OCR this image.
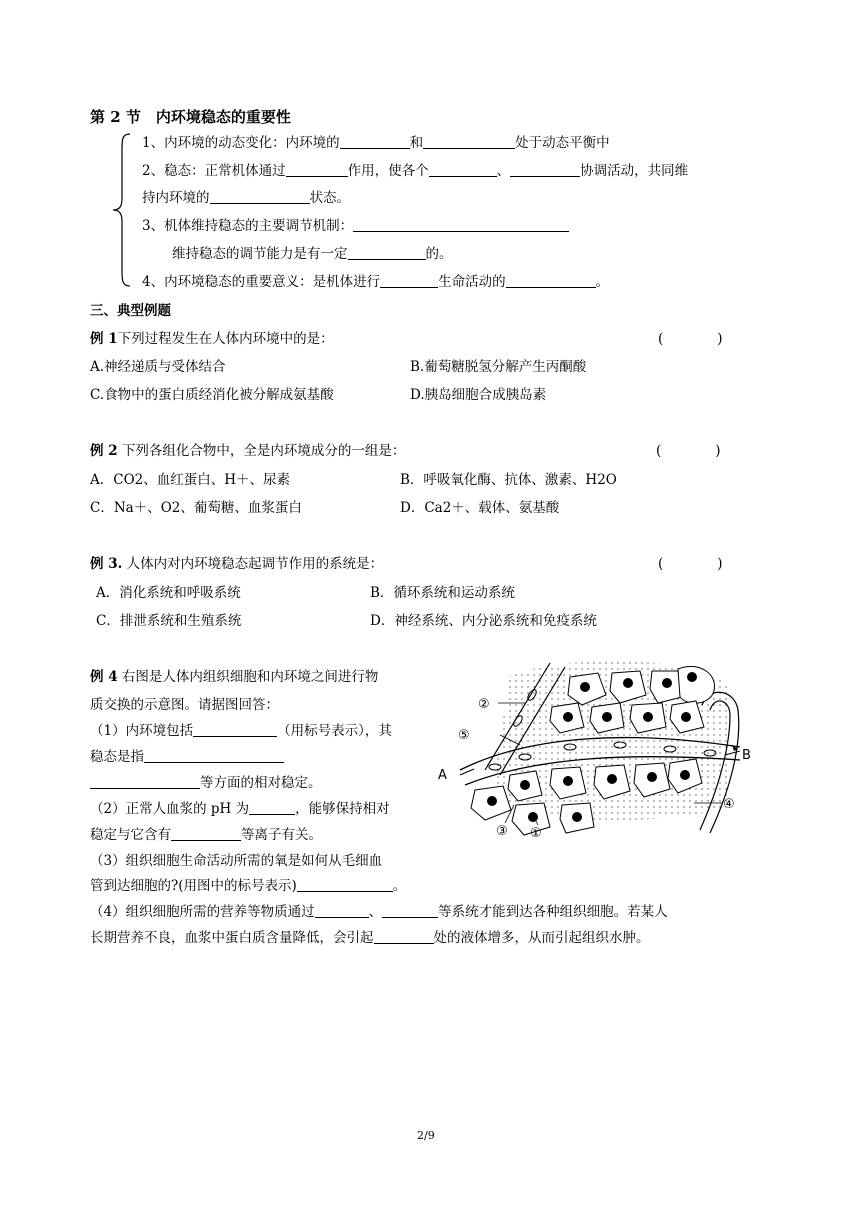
第 2 节　内环境稳态的重要性
1、内环境的动态变化：内环境的	和	处于动态平衡中
2、稳态：正常机体通过	作用，使各个	、	协调活动，共同维
持内环境的	状态。
3、机体维持稳态的主要调节机制：
维持稳态的调节能力是有一定	的。
4、内环境稳态的重要意义：是机体进行	生命活动的	。
三、典型例题
例 1下列过程发生在人体内环境中的是：	(　　　　)
A.神经递质与受体结合	B.葡萄糖脱氢分解产生丙酮酸
C.食物中的蛋白质经消化被分解成氨基酸	D.胰岛细胞合成胰岛素
例 2 下列各组化合物中，全是内环境成分的一组是：	(　　　　)
A．CO2、血红蛋白、H＋、尿素	B．呼吸氧化酶、抗体、激素、H2O
C．Na＋、O2、葡萄糖、血浆蛋白	D．Ca2＋、载体、氨基酸
例 3. 人体内对内环境稳态起调节作用的系统是：	(　　　　)
A．消化系统和呼吸系统	B．循环系统和运动系统
C．排泄系统和生殖系统	D．神经系统、内分泌系统和免疫系统
例 4 右图是人体内组织细胞和内环境之间进行物
质交换的示意图。请据图回答：
（1）内环境包括	（用标号表示），其
稳态是指
等方面的相对稳定。
（2）正常人血浆的 pH 为	，能够保持相对
稳定与它含有	等离子有关。
（3）组织细胞生命活动所需的氧是如何从毛细血
管到达细胞的?(用图中的标号表示)	。
（4）组织细胞所需的营养等物质通过	、	等系统才能到达各种组织细胞。若某人
长期营养不良，血浆中蛋白质含量降低，会引起	处的液体增多，从而引起组织水肿。
②
⑤
A
B
④
③ ①
2/9
